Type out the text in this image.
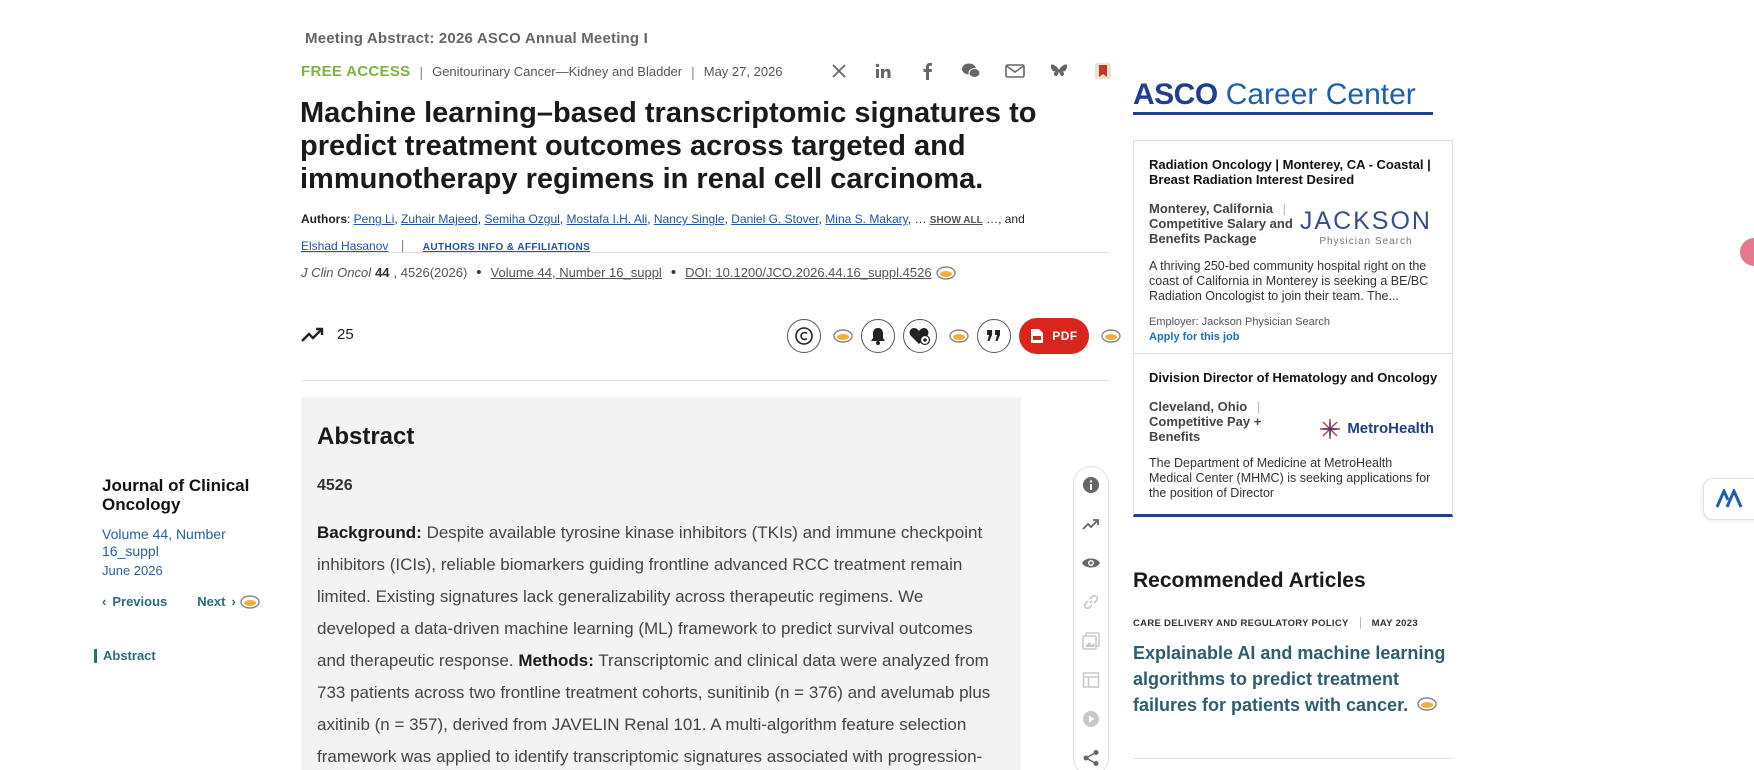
Journal of Clinical Oncology
Volume 44, Number 16_suppl
June 2026
‹ Previous Next ›
Abstract
Meeting Abstract: 2026 ASCO Annual Meeting I
FREE ACCESS | Genitourinary Cancer—Kidney and Bladder | May 27, 2026
Machine learning–based transcriptomic signatures to predict treatment outcomes across targeted and immunotherapy regimens in renal cell carcinoma.
Authors: Peng Li, Zuhair Majeed, Semiha Ozgul, Mostafa I.H. Ali, Nancy Single, Daniel G. Stover, Mina S. Makary, … SHOW ALL …, and Elshad Hasanov | AUTHORS INFO & AFFILIATIONS
J Clin Oncol 44 , 4526(2026) • Volume 44, Number 16_suppl • DOI: 10.1200/JCO.2026.44.16_suppl.4526
25	PDF
Abstract
4526

Background: Despite available tyrosine kinase inhibitors (TKIs) and immune checkpoint inhibitors (ICIs), reliable biomarkers guiding frontline advanced RCC treatment remain limited. Existing signatures lack generalizability across therapeutic regimens. We developed a data-driven machine learning (ML) framework to predict survival outcomes and therapeutic response. Methods: Transcriptomic and clinical data were analyzed from 733 patients across two frontline treatment cohorts, sunitinib (n = 376) and avelumab plus axitinib (n = 357), derived from JAVELIN Renal 101. A multi-algorithm feature selection framework was applied to identify transcriptomic signatures associated with progression-

ASCO Career Center
Radiation Oncology | Monterey, CA - Coastal | Breast Radiation Interest Desired
Monterey, California |
Competitive Salary and Benefits Package
JACKSON
Physician Search
A thriving 250-bed community hospital right on the coast of California in Monterey is seeking a BE/BC Radiation Oncologist to join their team. The...
Employer: Jackson Physician Search
Apply for this job
Division Director of Hematology and Oncology
Cleveland, Ohio |
Competitive Pay + Benefits	MetroHealth
The Department of Medicine at MetroHealth Medical Center (MHMC) is seeking applications for the position of Director
Recommended Articles
CARE DELIVERY AND REGULATORY POLICY MAY 2023
Explainable AI and machine learning algorithms to predict treatment failures for patients with cancer.
